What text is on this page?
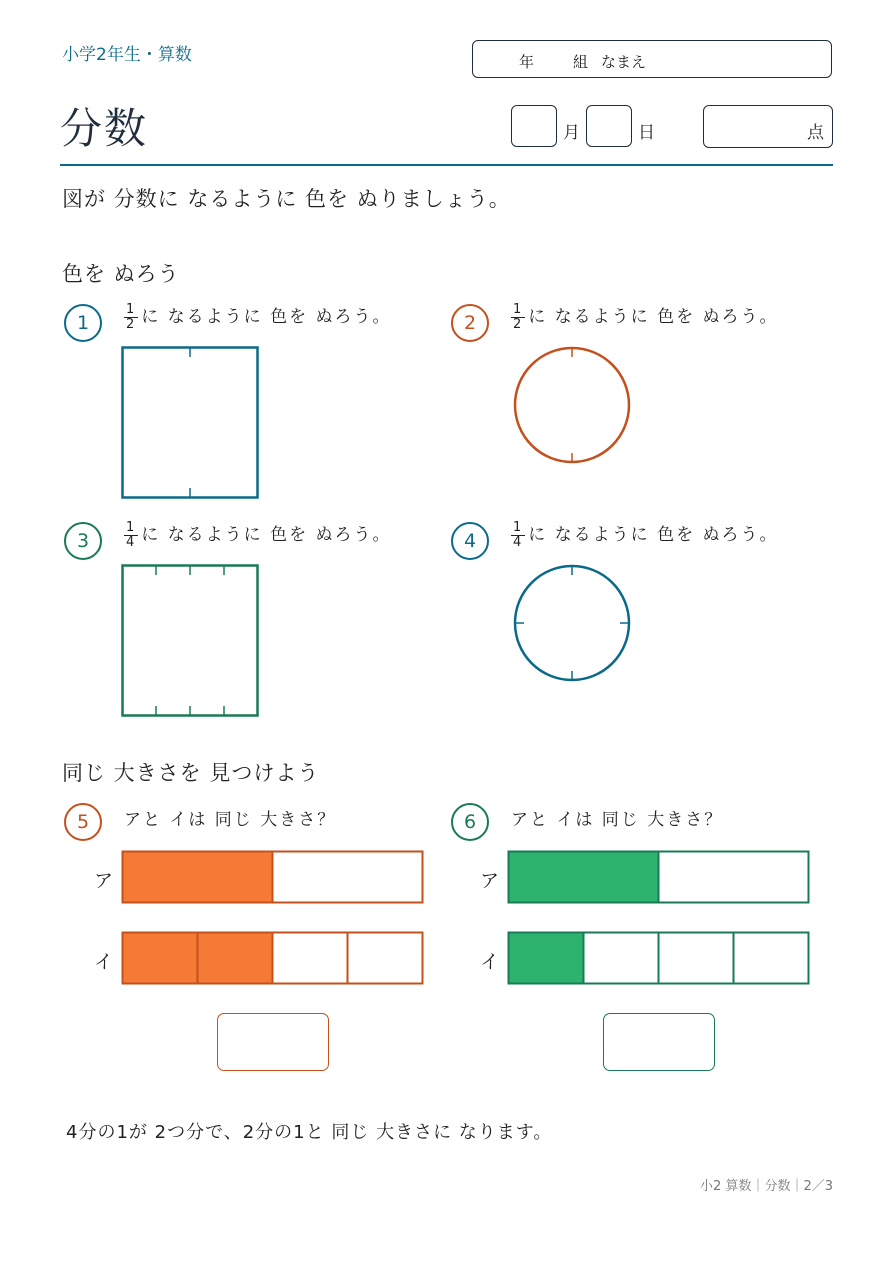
小学2年生・算数	年	組 なまえ
分数	月	日	点
図が 分数に なるように 色を ぬりましょう。
色を ぬろう
1	$\frac{1}{2}$ に なるように 色を ぬろう。	2	$\frac{1}{2}$ に なるように 色を ぬろう。
3	$\frac{1}{4}$ に なるように 色を ぬろう。	4	$\frac{1}{4}$ に なるように 色を ぬろう。
同じ 大きさを 見つけよう
5	アと イは 同じ 大きさ？
ア
イ
6	アと イは 同じ 大きさ？
ア
イ
4分の1が 2つ分で、2分の1と 同じ 大きさに なります。
小2 算数｜分数｜2／3
